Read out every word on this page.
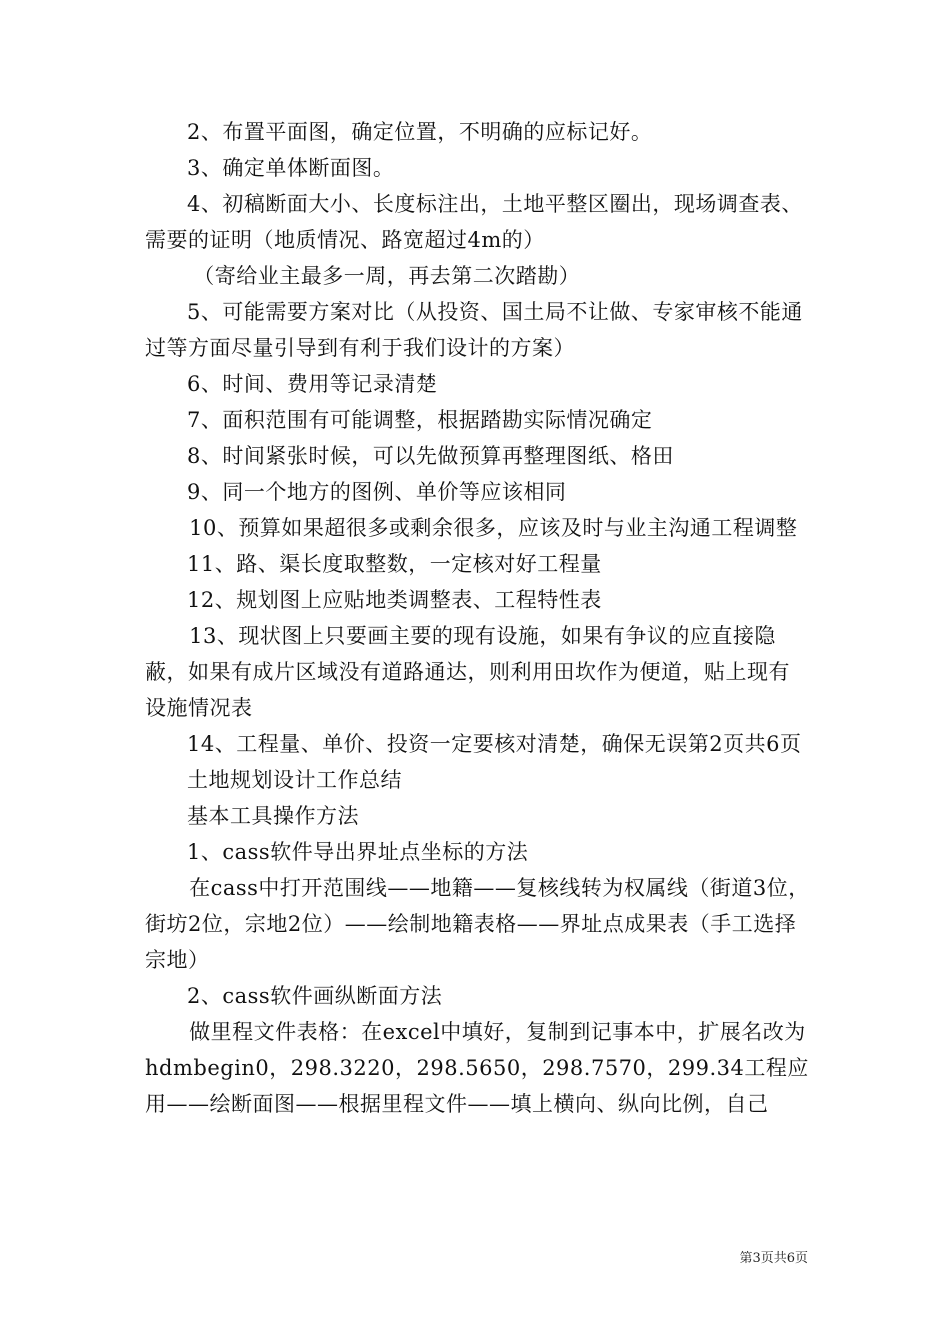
2、布置平面图，确定位置，不明确的应标记好。

3、确定单体断面图。

4、初稿断面大小、长度标注出，土地平整区圈出，现场调查表、需要的证明（地质情况、路宽超过4m的）

（寄给业主最多一周，再去第二次踏勘）

5、可能需要方案对比（从投资、国土局不让做、专家审核不能通过等方面尽量引导到有利于我们设计的方案）

6、时间、费用等记录清楚

7、面积范围有可能调整，根据踏勘实际情况确定

8、时间紧张时候，可以先做预算再整理图纸、格田

9、同一个地方的图例、单价等应该相同

10、预算如果超很多或剩余很多，应该及时与业主沟通工程调整

11、路、渠长度取整数，一定核对好工程量

12、规划图上应贴地类调整表、工程特性表

13、现状图上只要画主要的现有设施，如果有争议的应直接隐蔽，如果有成片区域没有道路通达，则利用田坎作为便道，贴上现有设施情况表

14、工程量、单价、投资一定要核对清楚，确保无误第2页共6页

土地规划设计工作总结

基本工具操作方法

1、cass软件导出界址点坐标的方法

在cass中打开范围线——地籍——复核线转为权属线（街道3位，街坊2位，宗地2位）——绘制地籍表格——界址点成果表（手工选择宗地）

2、cass软件画纵断面方法

做里程文件表格：在excel中填好，复制到记事本中，扩展名改为hdmbegin0，298.3220，298.5650，298.7570，299.34工程应用——绘断面图——根据里程文件——填上横向、纵向比例，自己

第3页共6页
